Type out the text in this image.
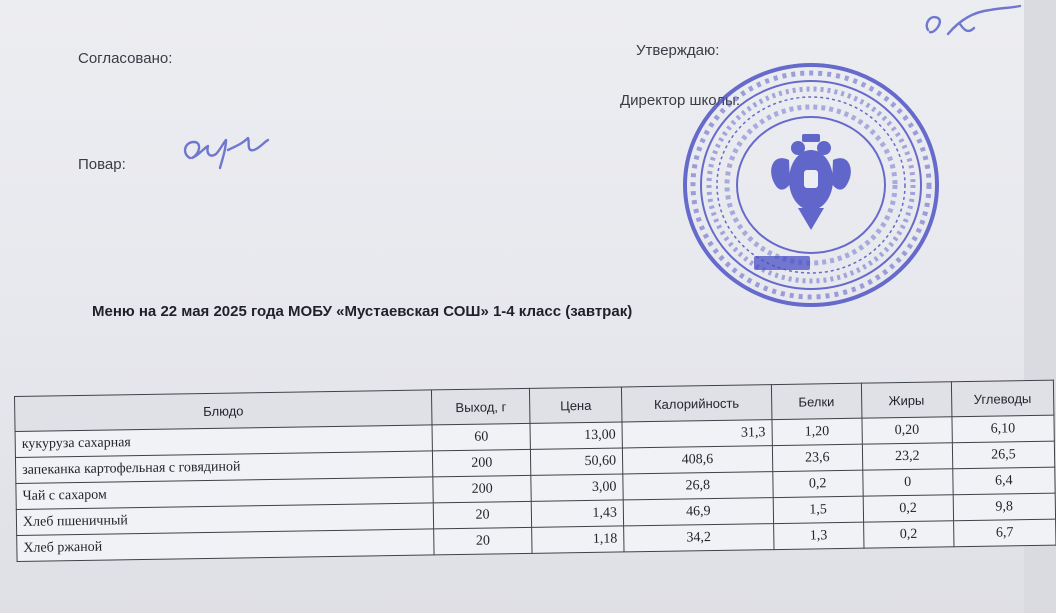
Согласовано:
Повар:
Утверждаю:
Директор школы:
Меню на 22 мая 2025 года МОБУ «Мустаевская СОШ» 1-4 класс (завтрак)
Блюдо	Выход, г	Цена	Калорийность	Белки	Жиры	Углеводы
кукуруза сахарная	60	13,00	31,3	1,20	0,20	6,10
запеканка картофельная с говядиной	200	50,60	408,6	23,6	23,2	26,5
Чай с сахаром	200	3,00	26,8	0,2	0	6,4
Хлеб пшеничный	20	1,43	46,9	1,5	0,2	9,8
Хлеб ржаной	20	1,18	34,2	1,3	0,2	6,7
